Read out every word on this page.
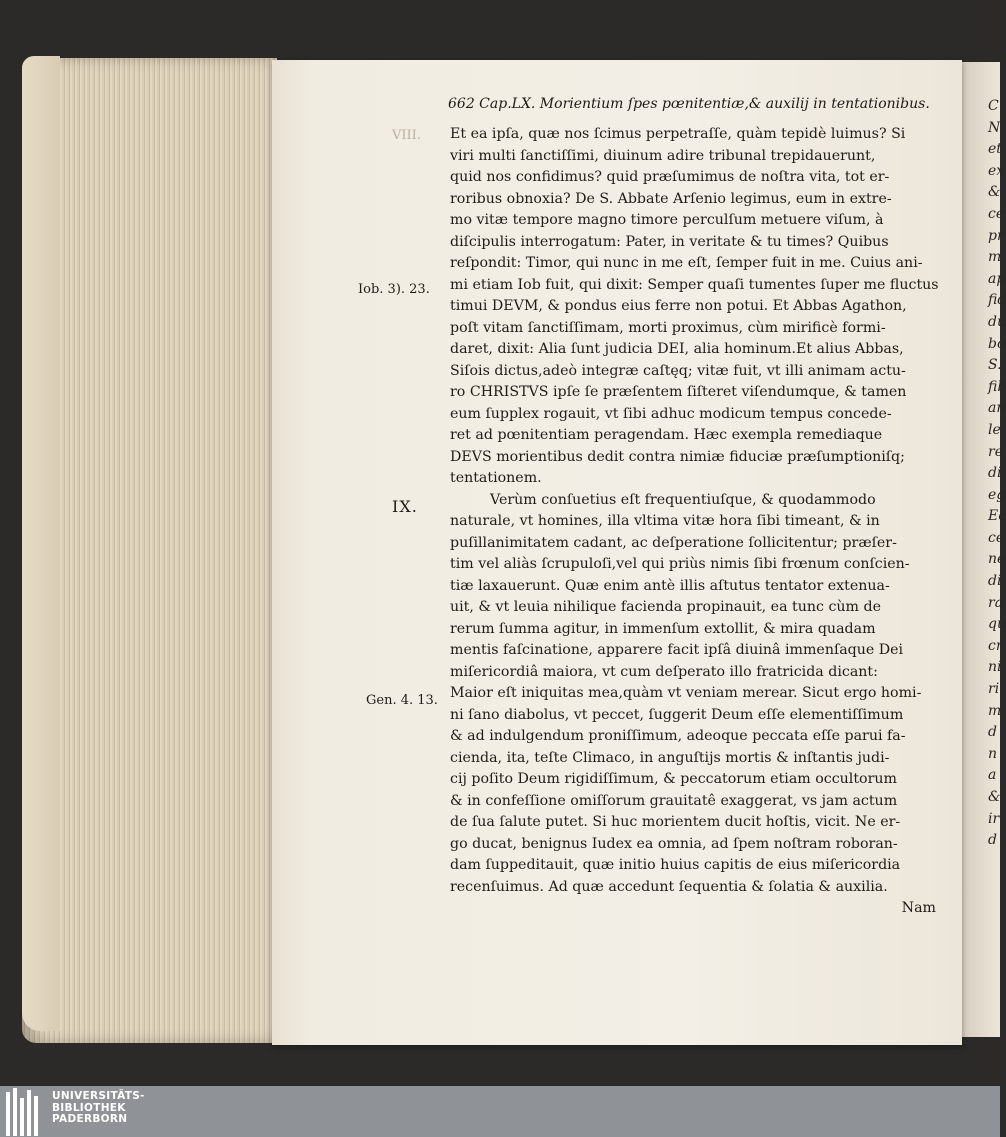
C
N
et
ex
&
ce
pr
m
ap
fid
du
bo
S.
fib
an
le
re
di
eg
Ec
ce
ne
di
ra
qu
cr
ni
ri
m
d
n
a
&
ir
d
662 Cap.LX. Morientium ſpes pœnitentiæ,& auxilij in tentationibus.
VIII. Et ea ipſa, quæ nos ſcimus perpetraſſe, quàm tepidè luimus? Si
viri multi ſanctiſſimi, diuinum adire tribunal trepidauerunt,
quid nos confidimus? quid præſumimus de noſtra vita, tot er-
roribus obnoxia? De S. Abbate Arſenio legimus, eum in extre-
mo vitæ tempore magno timore perculſum metuere viſum, à
diſcipulis interrogatum: Pater, in veritate & tu times? Quibus
reſpondit: Timor, qui nunc in me eſt, ſemper fuit in me. Cuius ani-
mi etiam Iob fuit, qui dixit: Semper quaſi tumentes ſuper me fluctus
timui DEVM, & pondus eius ferre non potui. Et Abbas Agathon,
poſt vitam ſanctiſſimam, morti proximus, cùm mirificè formi-
daret, dixit: Alia ſunt judicia DEI, alia hominum.Et alius Abbas,
Siſois dictus,adeò integræ caſtęq; vitæ fuit, vt illi animam actu-
ro CHRISTVS ipſe ſe præſentem ſiſteret viſendumque, & tamen
eum ſupplex rogauit, vt ſibi adhuc modicum tempus concede-
ret ad pœnitentiam peragendam. Hæc exempla remediaque
DEVS morientibus dedit contra nimiæ fiduciæ præſumptioniſq;
tentationem.
Verùm conſuetius eſt frequentiuſque, & quodammodo
naturale, vt homines, illa vltima vitæ hora ſibi timeant, & in
puſillanimitatem cadant, ac deſperatione ſollicitentur; præſer-
tim vel aliàs ſcrupuloſi,vel qui priùs nimis ſibi frœnum conſcien-
tiæ laxauerunt. Quæ enim antè illis aſtutus tentator extenua-
uit, & vt leuia nihilique facienda propinauit, ea tunc cùm de
rerum ſumma agitur, in immenſum extollit, & mira quadam
mentis faſcinatione, apparere facit ipſâ diuinâ immenſaque Dei
miſericordiâ maiora, vt cum deſperato illo fratricida dicant:
Maior eſt iniquitas mea,quàm vt veniam merear. Sicut ergo homi-
ni ſano diabolus, vt peccet, ſuggerit Deum eſſe elementiſſimum
& ad indulgendum proniſſimum, adeoque peccata eſſe parui fa-
cienda, ita, teſte Climaco, in anguſtijs mortis & inſtantis judi-
cij poſito Deum rigidiſſimum, & peccatorum etiam occultorum
& in confeſſione omiſſorum grauitatê exaggerat, vs jam actum
de ſua ſalute putet. Si huc morientem ducit hoſtis, vicit. Ne er-
go ducat, benignus Iudex ea omnia, ad ſpem noſtram roboran-
dam ſuppeditauit, quæ initio huius capitis de eius miſericordia
recenſuimus. Ad quæ accedunt ſequentia & ſolatia & auxilia.
Nam
Iob. 3). 23.
IX.
Gen. 4. 13.
UNIVERSITÄTS-
BIBLIOTHEK
PADERBORN
